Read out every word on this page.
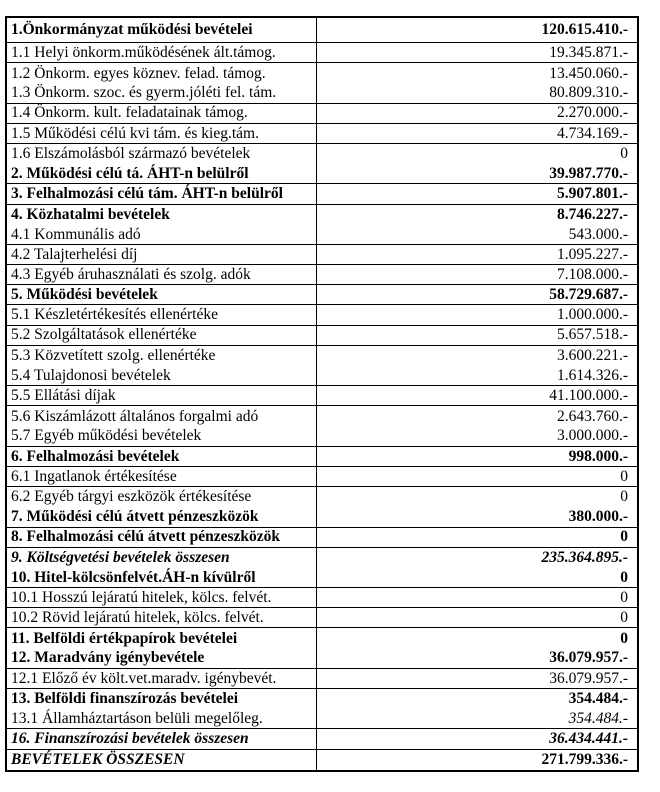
1.Önkormányzat működési bevételei	120.615.410.-
1.1 Helyi önkorm.működésének ált.támog.	19.345.871.-
1.2 Önkorm. egyes köznev. felad. támog.	13.450.060.-
1.3 Önkorm. szoc. és gyerm.jóléti fel. tám.	80.809.310.-
1.4 Önkorm. kult. feladatainak támog.	2.270.000.-
1.5 Működési célú kvi tám. és kieg.tám.	4.734.169.-
1.6 Elszámolásból származó bevételek	0
2. Működési célú tá. ÁHT-n belülről	39.987.770.-
3. Felhalmozási célú tám. ÁHT-n belülről	5.907.801.-
4. Közhatalmi bevételek	8.746.227.-
4.1 Kommunális adó	543.000.-
4.2 Talajterhelési díj	1.095.227.-
4.3 Egyéb áruhasználati és szolg. adók	7.108.000.-
5. Működési bevételek	58.729.687.-
5.1 Készletértékesítés ellenértéke	1.000.000.-
5.2 Szolgáltatások ellenértéke	5.657.518.-
5.3 Közvetített szolg. ellenértéke	3.600.221.-
5.4 Tulajdonosi bevételek	1.614.326.-
5.5 Ellátási díjak	41.100.000.-
5.6 Kiszámlázott általános forgalmi adó	2.643.760.-
5.7 Egyéb működési bevételek	3.000.000.-
6. Felhalmozási bevételek	998.000.-
6.1 Ingatlanok értékesítése	0
6.2 Egyéb tárgyi eszközök értékesítése	0
7. Működési célú átvett pénzeszközök	380.000.-
8. Felhalmozási célú átvett pénzeszközök	0
9. Költségvetési bevételek összesen	235.364.895.-
10. Hitel-kölcsönfelvét.ÁH-n kívülről	0
10.1 Hosszú lejáratú hitelek, kölcs. felvét.	0
10.2 Rövid lejáratú hitelek, kölcs. felvét.	0
11. Belföldi értékpapírok bevételei	0
12. Maradvány igénybevétele	36.079.957.-
12.1 Előző év költ.vet.maradv. igénybevét.	36.079.957.-
13. Belföldi finanszírozás bevételei	354.484.-
13.1 Államháztartáson belüli megelőleg.	354.484.-
16. Finanszírozási bevételek összesen	36.434.441.-
BEVÉTELEK ÖSSZESEN	271.799.336.-
